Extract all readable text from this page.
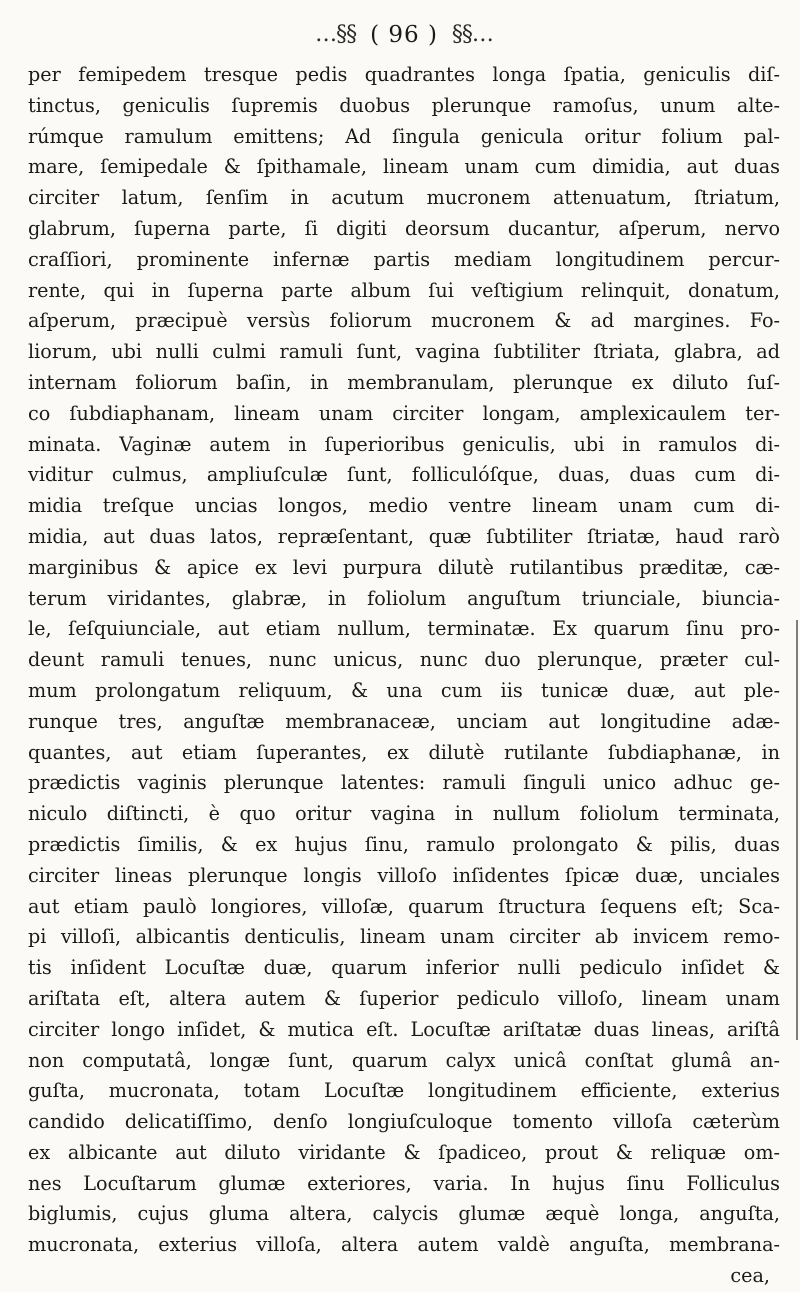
…§§ ( 96 ) §§…
per femipedem tresque pedis quadrantes longa ſpatia, geniculis diſ-
tinctus, geniculis ſupremis duobus plerunque ramoſus, unum alte-
rúmque ramulum emittens; Ad ſingula genicula oritur folium pal-
mare, ſemipedale & ſpithamale, lineam unam cum dimidia, aut duas
circiter latum, ſenſim in acutum mucronem attenuatum, ſtriatum,
glabrum, ſuperna parte, ſi digiti deorsum ducantur, aſperum, nervo
craſſiori, prominente infernæ partis mediam longitudinem percur-
rente, qui in ſuperna parte album ſui veſtigium relinquit, donatum,
aſperum, præcipuè versùs foliorum mucronem & ad margines. Fo-
liorum, ubi nulli culmi ramuli ſunt, vagina ſubtiliter ſtriata, glabra, ad
internam foliorum baſin, in membranulam, plerunque ex diluto ſuſ-
co ſubdiaphanam, lineam unam circiter longam, amplexicaulem ter-
minata. Vaginæ autem in ſuperioribus geniculis, ubi in ramulos di-
viditur culmus, ampliuſculæ ſunt, folliculóſque, duas, duas cum di-
midia treſque uncias longos, medio ventre lineam unam cum di-
midia, aut duas latos, repræſentant, quæ ſubtiliter ſtriatæ, haud rarò
marginibus & apice ex levi purpura dilutè rutilantibus præditæ, cæ-
terum viridantes, glabræ, in foliolum anguſtum triunciale, biuncia-
le, ſeſquiunciale, aut etiam nullum, terminatæ. Ex quarum ſinu pro-
deunt ramuli tenues, nunc unicus, nunc duo plerunque, præter cul-
mum prolongatum reliquum, & una cum iis tunicæ duæ, aut ple-
runque tres, anguſtæ membranaceæ, unciam aut longitudine adæ-
quantes, aut etiam ſuperantes, ex dilutè rutilante ſubdiaphanæ, in
prædictis vaginis plerunque latentes: ramuli ſinguli unico adhuc ge-
niculo diſtincti, è quo oritur vagina in nullum foliolum terminata,
prædictis ſimilis, & ex hujus ſinu, ramulo prolongato & pilis, duas
circiter lineas plerunque longis villoſo inſidentes ſpicæ duæ, unciales
aut etiam paulò longiores, villoſæ, quarum ſtructura ſequens eſt; Sca-
pi villoſi, albicantis denticulis, lineam unam circiter ab invicem remo-
tis inſident Locuſtæ duæ, quarum inferior nulli pediculo inſidet &
ariſtata eſt, altera autem & ſuperior pediculo villoſo, lineam unam
circiter longo inſidet, & mutica eſt. Locuſtæ ariſtatæ duas lineas, ariſtâ
non computatâ, longæ ſunt, quarum calyx unicâ conſtat glumâ an-
guſta, mucronata, totam Locuſtæ longitudinem efficiente, exterius
candido delicatiſſimo, denſo longiuſculoque tomento villoſa cæterùm
ex albicante aut diluto viridante & ſpadiceo, prout & reliquæ om-
nes Locuſtarum glumæ exteriores, varia. In hujus ſinu Folliculus
biglumis, cujus gluma altera, calycis glumæ æquè longa, anguſta,
mucronata, exterius villoſa, altera autem valdè anguſta, membrana-
cea,
